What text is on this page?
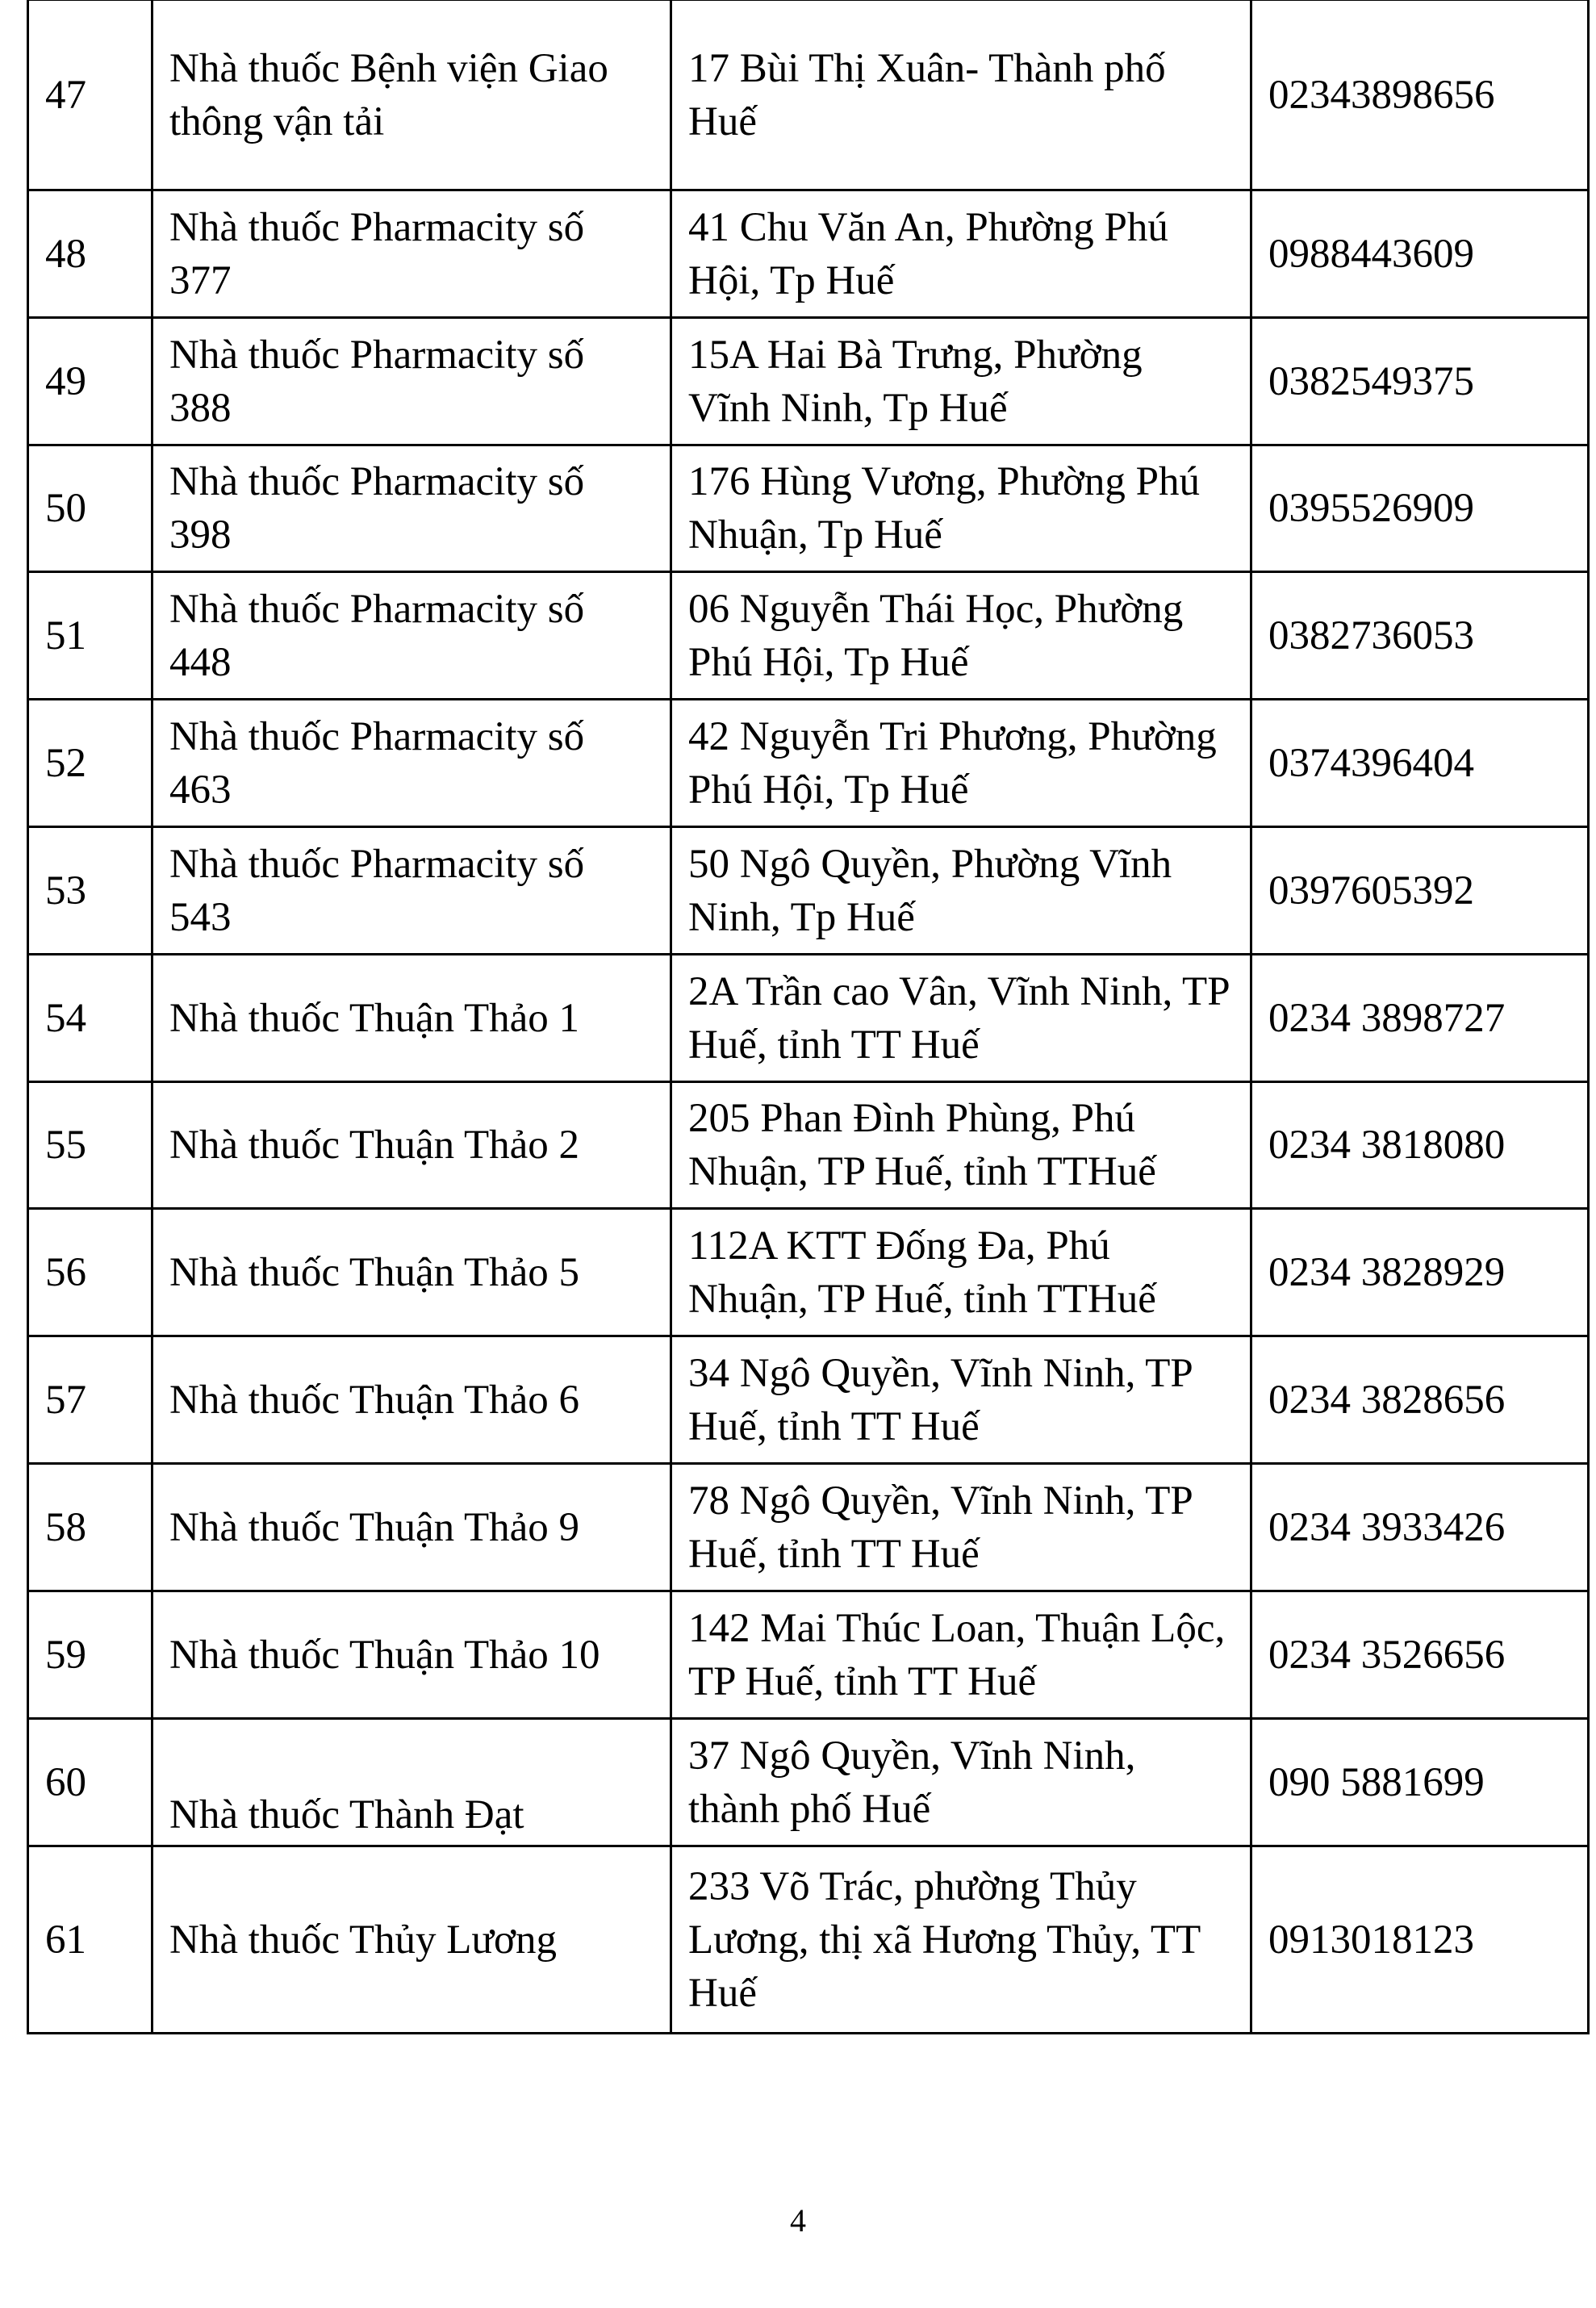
47	Nhà thuốc Bệnh viện Giao thông vận tải	17 Bùi Thị Xuân- Thành phố Huế	02343898656
48	Nhà thuốc Pharmacity số 377	41 Chu Văn An, Phường Phú Hội, Tp Huế	0988443609
49	Nhà thuốc Pharmacity số 388	15A Hai Bà Trưng, Phường Vĩnh Ninh, Tp Huế	0382549375
50	Nhà thuốc Pharmacity số 398	176 Hùng Vương, Phường Phú Nhuận, Tp Huế	0395526909
51	Nhà thuốc Pharmacity số 448	06 Nguyễn Thái Học, Phường Phú Hội, Tp Huế	0382736053
52	Nhà thuốc Pharmacity số 463	42 Nguyễn Tri Phương, Phường Phú Hội, Tp Huế	0374396404
53	Nhà thuốc Pharmacity số 543	50 Ngô Quyền, Phường Vĩnh Ninh, Tp Huế	0397605392
54	Nhà thuốc Thuận Thảo 1	2A Trần cao Vân, Vĩnh Ninh, TP Huế, tỉnh TT Huế	0234 3898727
55	Nhà thuốc Thuận Thảo 2	205 Phan Đình Phùng, Phú Nhuận, TP Huế, tỉnh TTHuế	0234 3818080
56	Nhà thuốc Thuận Thảo 5	112A KTT Đống Đa, Phú Nhuận, TP Huế, tỉnh TTHuế	0234 3828929
57	Nhà thuốc Thuận Thảo 6	34 Ngô Quyền, Vĩnh Ninh, TP Huế, tỉnh TT Huế	0234 3828656
58	Nhà thuốc Thuận Thảo 9	78 Ngô Quyền, Vĩnh Ninh, TP Huế, tỉnh TT Huế	0234 3933426
59	Nhà thuốc Thuận Thảo 10	142 Mai Thúc Loan, Thuận Lộc, TP Huế, tỉnh TT Huế	0234 3526656
60	Nhà thuốc Thành Đạt	37 Ngô Quyền, Vĩnh Ninh, thành phố Huế	090 5881699
61	Nhà thuốc Thủy Lương	233 Võ Trác, phường Thủy Lương, thị xã Hương Thủy, TT Huế	0913018123
4
